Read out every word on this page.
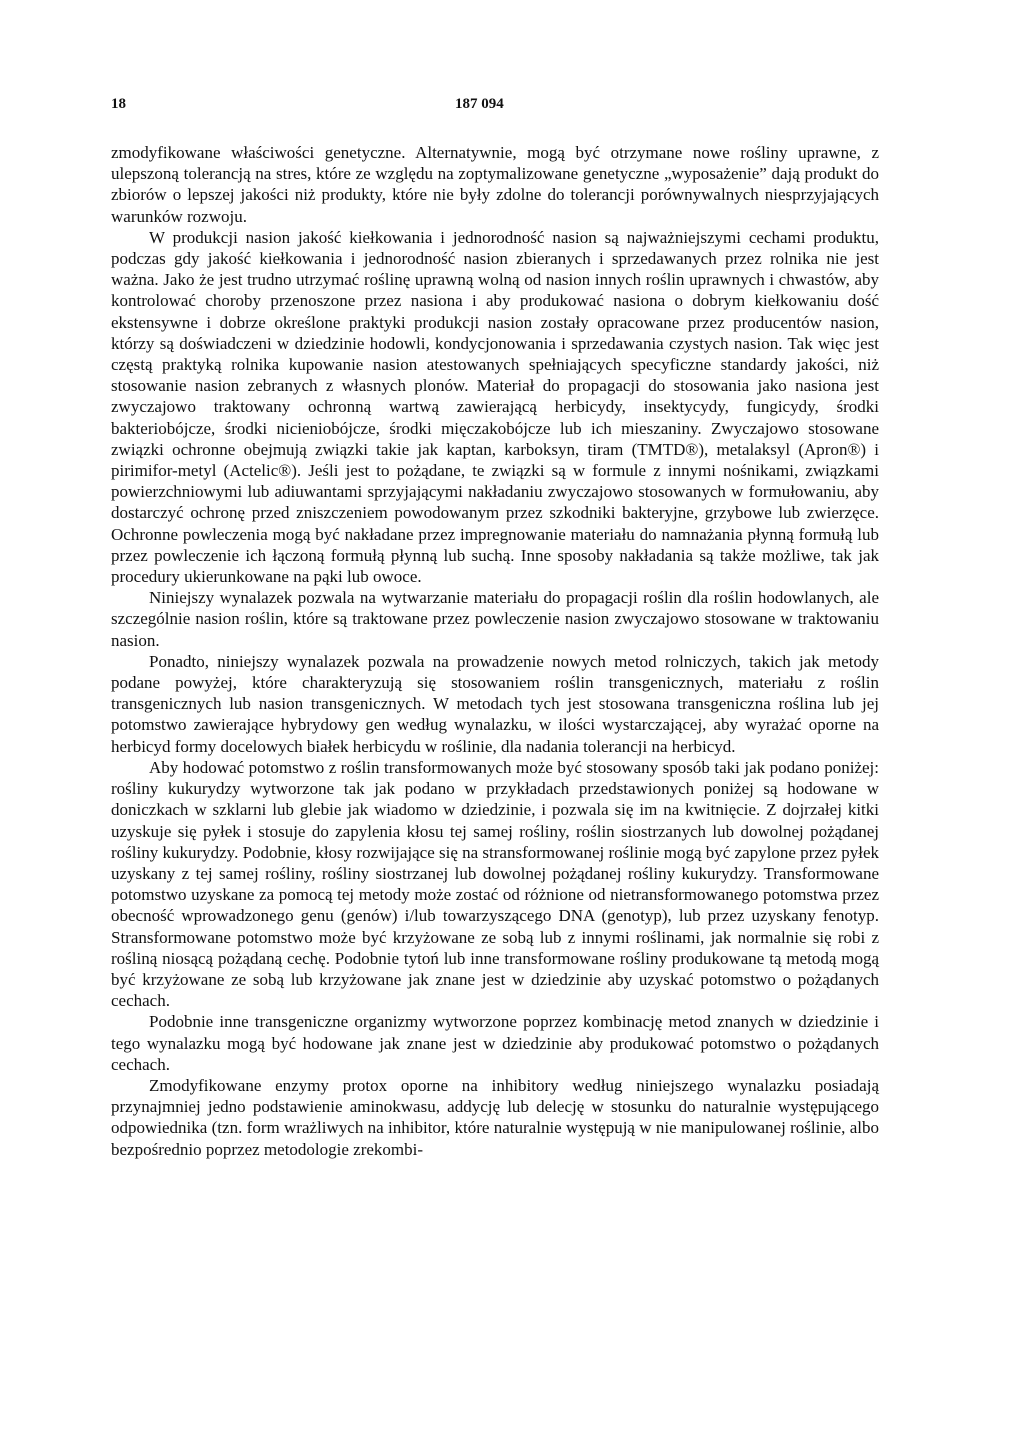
18	187 094

zmodyfikowane właściwości genetyczne. Alternatywnie, mogą być otrzymane nowe rośliny uprawne, z ulepszoną tolerancją na stres, które ze względu na zoptymalizowane genetyczne „wyposażenie” dają produkt do zbiorów o lepszej jakości niż produkty, które nie były zdolne do tolerancji porównywalnych niesprzyjających warunków rozwoju.

W produkcji nasion jakość kiełkowania i jednorodność nasion są najważniejszymi cechami produktu, podczas gdy jakość kiełkowania i jednorodność nasion zbieranych i sprzedawanych przez rolnika nie jest ważna. Jako że jest trudno utrzymać roślinę uprawną wolną od nasion innych roślin uprawnych i chwastów, aby kontrolować choroby przenoszone przez nasiona i aby produkować nasiona o dobrym kiełkowaniu dość ekstensywne i dobrze określone praktyki produkcji nasion zostały opracowane przez producentów nasion, którzy są doświadczeni w dziedzinie hodowli, kondycjonowania i sprzedawania czystych nasion. Tak więc jest częstą praktyką rolnika kupowanie nasion atestowanych spełniających specyficzne standardy jakości, niż stosowanie nasion zebranych z własnych plonów. Materiał do propagacji do stosowania jako nasiona jest zwyczajowo traktowany ochronną wartwą zawierającą herbicydy, insektycydy, fungicydy, środki bakteriobójcze, środki nicieniobójcze, środki mięczakobójcze lub ich mieszaniny. Zwyczajowo stosowane związki ochronne obejmują związki takie jak kaptan, karboksyn, tiram (TMTD®), metalaksyl (Apron®) i pirimifor-metyl (Actelic®). Jeśli jest to pożądane, te związki są w formule z innymi nośnikami, związkami powierzchniowymi lub adiuwantami sprzyjającymi nakładaniu zwyczajowo stosowanych w formułowaniu, aby dostarczyć ochronę przed zniszczeniem powodowanym przez szkodniki bakteryjne, grzybowe lub zwierzęce. Ochronne powleczenia mogą być nakładane przez impregnowanie materiału do namnażania płynną formułą lub przez powleczenie ich łączoną formułą płynną lub suchą. Inne sposoby nakładania są także możliwe, tak jak procedury ukierunkowane na pąki lub owoce.

Niniejszy wynalazek pozwala na wytwarzanie materiału do propagacji roślin dla roślin hodowlanych, ale szczególnie nasion roślin, które są traktowane przez powleczenie nasion zwyczajowo stosowane w traktowaniu nasion.

Ponadto, niniejszy wynalazek pozwala na prowadzenie nowych metod rolniczych, takich jak metody podane powyżej, które charakteryzują się stosowaniem roślin transgenicznych, materiału z roślin transgenicznych lub nasion transgenicznych. W metodach tych jest stosowana transgeniczna roślina lub jej potomstwo zawierające hybrydowy gen według wynalazku, w ilości wystarczającej, aby wyrażać oporne na herbicyd formy docelowych białek herbicydu w roślinie, dla nadania tolerancji na herbicyd.

Aby hodować potomstwo z roślin transformowanych może być stosowany sposób taki jak podano poniżej: rośliny kukurydzy wytworzone tak jak podano w przykładach przedstawionych poniżej są hodowane w doniczkach w szklarni lub glebie jak wiadomo w dziedzinie, i pozwala się im na kwitnięcie. Z dojrzałej kitki uzyskuje się pyłek i stosuje do zapylenia kłosu tej samej rośliny, roślin siostrzanych lub dowolnej pożądanej rośliny kukurydzy. Podobnie, kłosy rozwijające się na stransformowanej roślinie mogą być zapylone przez pyłek uzyskany z tej samej rośliny, rośliny siostrzanej lub dowolnej pożądanej rośliny kukurydzy. Transformowane potomstwo uzyskane za pomocą tej metody może zostać od różnione od nietransformowanego potomstwa przez obecność wprowadzonego genu (genów) i/lub towarzyszącego DNA (genotyp), lub przez uzyskany fenotyp. Stransformowane potomstwo może być krzyżowane ze sobą lub z innymi roślinami, jak normalnie się robi z rośliną niosącą pożądaną cechę. Podobnie tytoń lub inne transformowane rośliny produkowane tą metodą mogą być krzyżowane ze sobą lub krzyżowane jak znane jest w dziedzinie aby uzyskać potomstwo o pożądanych cechach.

Podobnie inne transgeniczne organizmy wytworzone poprzez kombinację metod znanych w dziedzinie i tego wynalazku mogą być hodowane jak znane jest w dziedzinie aby produkować potomstwo o pożądanych cechach.

Zmodyfikowane enzymy protox oporne na inhibitory według niniejszego wynalazku posiadają przynajmniej jedno podstawienie aminokwasu, addycję lub delecję w stosunku do naturalnie występującego odpowiednika (tzn. form wrażliwych na inhibitor, które naturalnie występują w nie manipulowanej roślinie, albo bezpośrednio poprzez metodologie zrekombi-
